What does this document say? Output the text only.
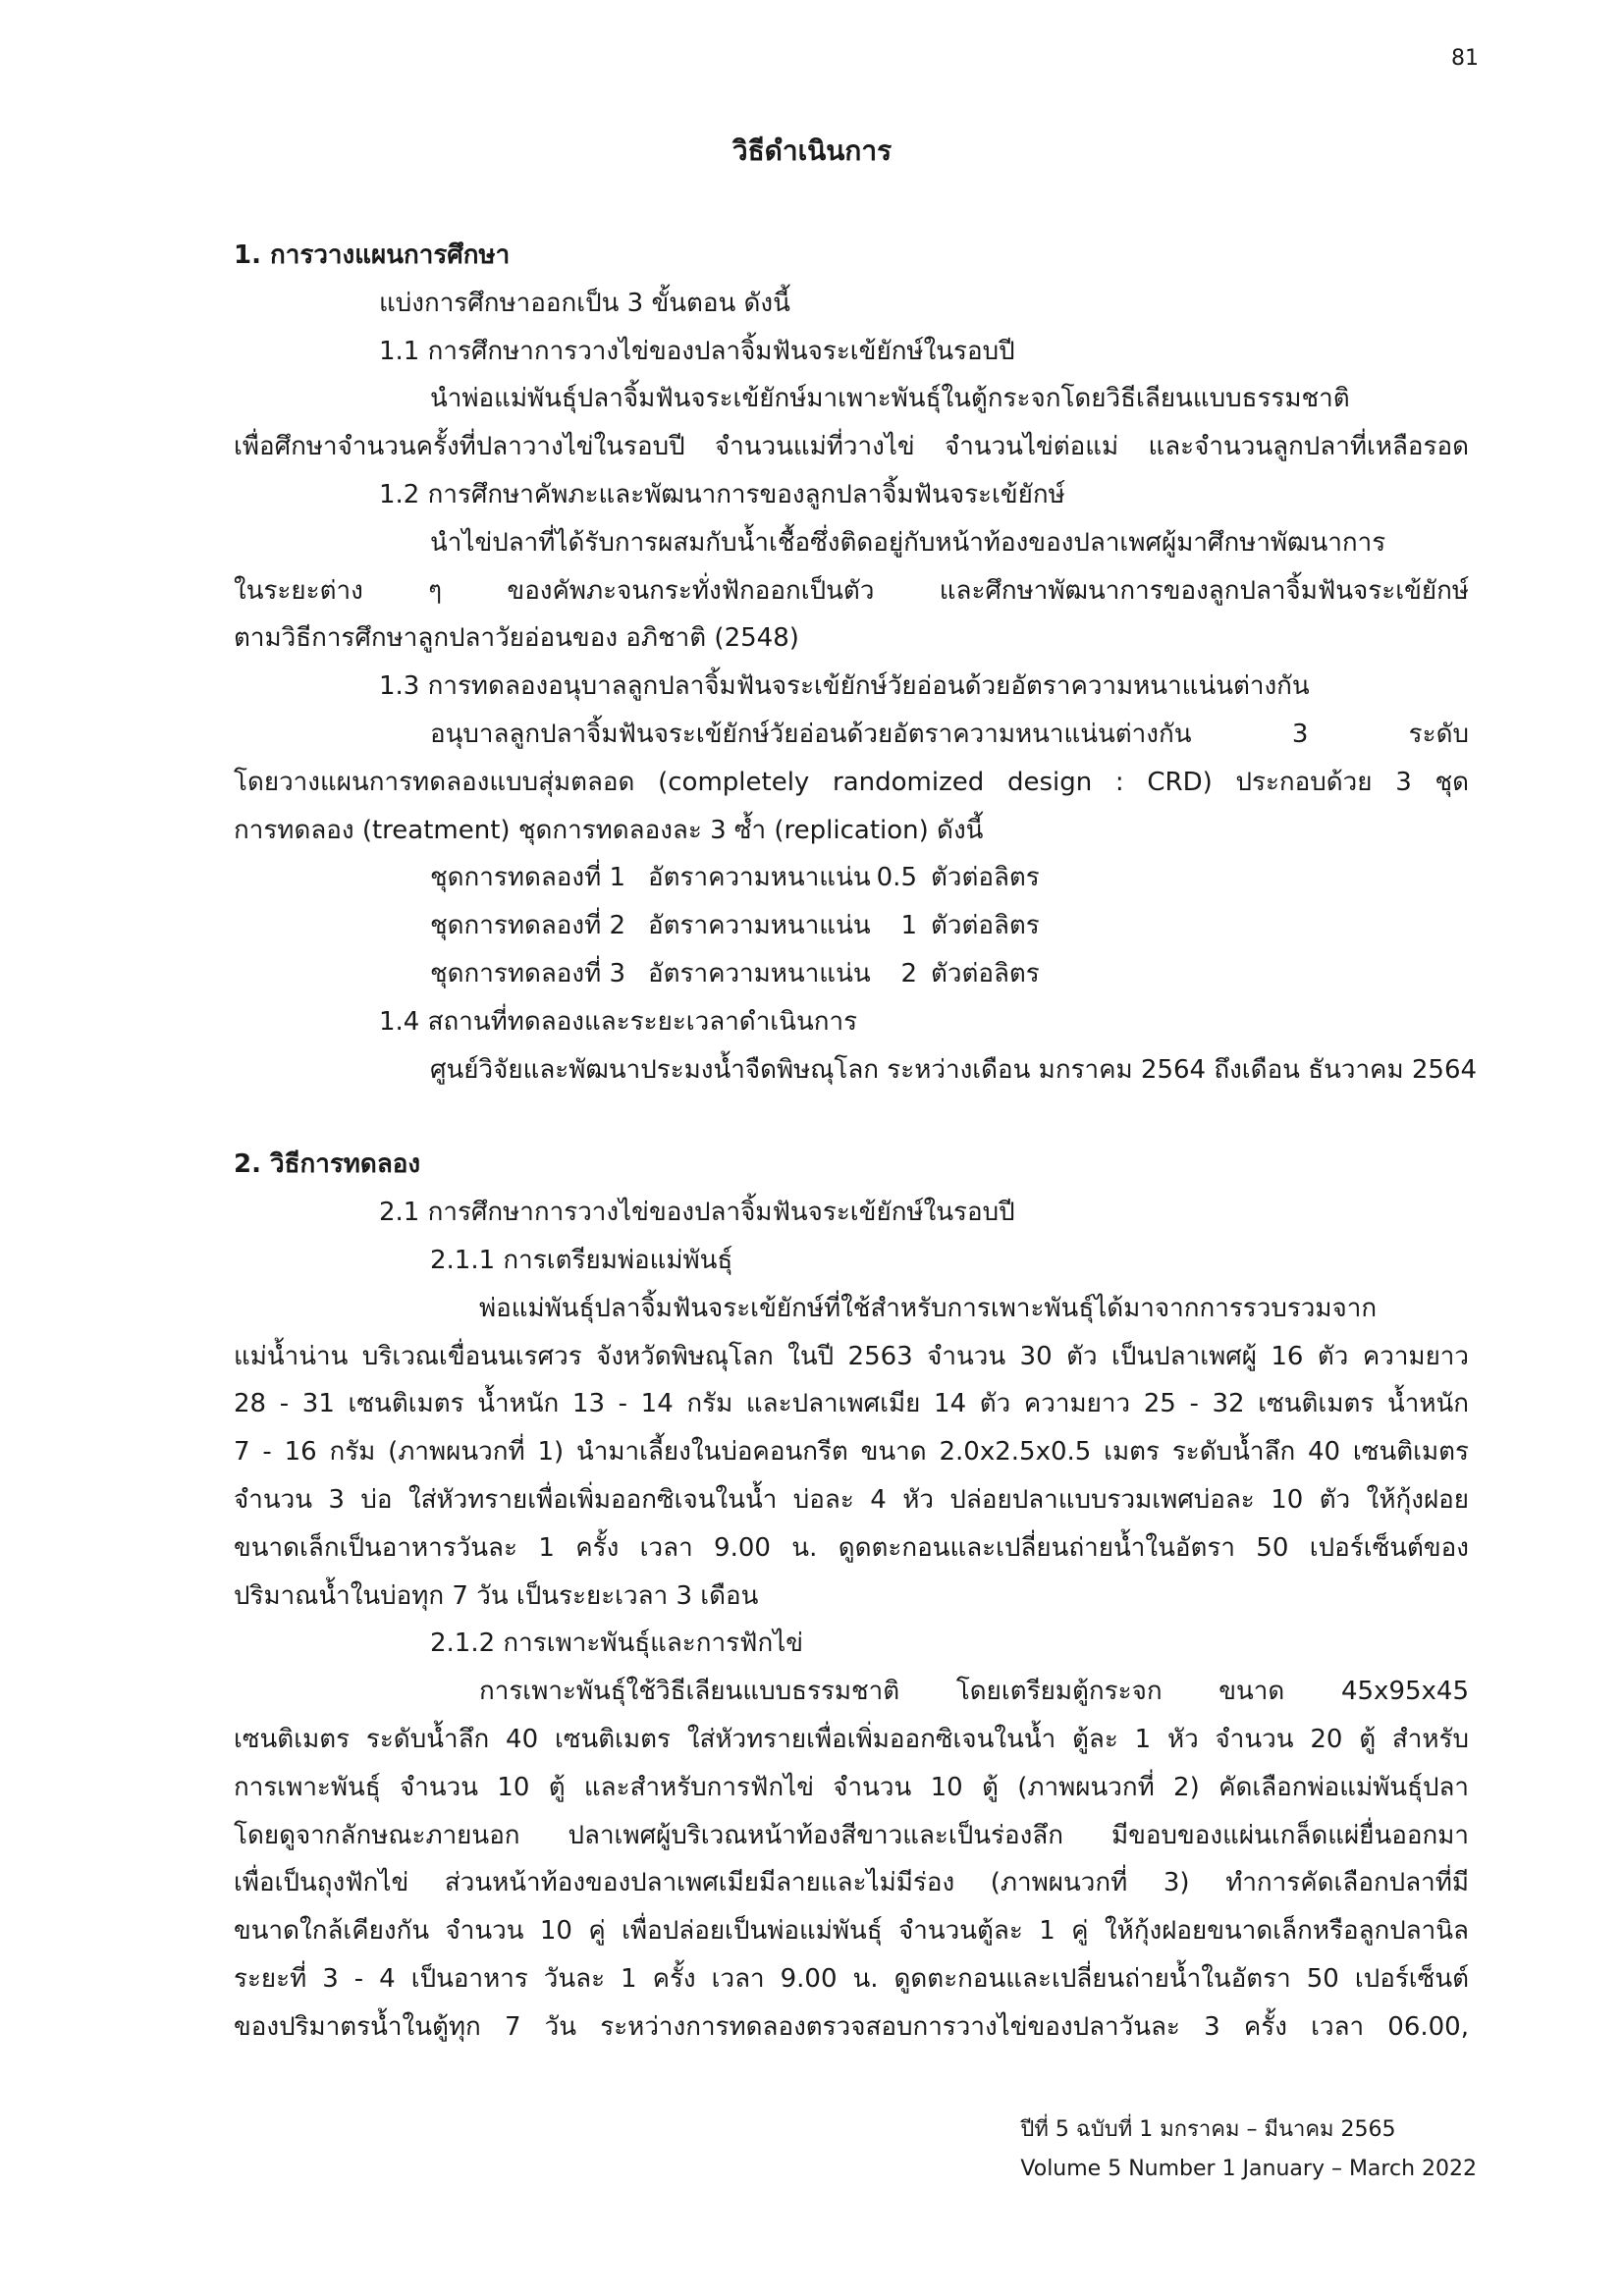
81
วิธีดำเนินการ

1. การวางแผนการศึกษา

แบ่งการศึกษาออกเป็น 3 ขั้นตอน ดังนี้

1.1 การศึกษาการวางไข่ของปลาจิ้มฟันจระเข้ยักษ์ในรอบปี

นำพ่อแม่พันธุ์ปลาจิ้มฟันจระเข้ยักษ์มาเพาะพันธุ์ในตู้กระจกโดยวิธีเลียนแบบธรรมชาติ

เพื่อศึกษาจำนวนครั้งที่ปลาวางไข่ในรอบปี จำนวนแม่ที่วางไข่ จำนวนไข่ต่อแม่ และจำนวนลูกปลาที่เหลือรอด

1.2 การศึกษาคัพภะและพัฒนาการของลูกปลาจิ้มฟันจระเข้ยักษ์

นำไข่ปลาที่ได้รับการผสมกับน้ำเชื้อซึ่งติดอยู่กับหน้าท้องของปลาเพศผู้มาศึกษาพัฒนาการ

ในระยะต่าง ๆ ของคัพภะจนกระทั่งฟักออกเป็นตัว และศึกษาพัฒนาการของลูกปลาจิ้มฟันจระเข้ยักษ์

ตามวิธีการศึกษาลูกปลาวัยอ่อนของ อภิชาติ (2548)

1.3 การทดลองอนุบาลลูกปลาจิ้มฟันจระเข้ยักษ์วัยอ่อนด้วยอัตราความหนาแน่นต่างกัน

อนุบาลลูกปลาจิ้มฟันจระเข้ยักษ์วัยอ่อนด้วยอัตราความหนาแน่นต่างกัน 3 ระดับ

โดยวางแผนการทดลองแบบสุ่มตลอด (completely randomized design : CRD) ประกอบด้วย 3 ชุด

การทดลอง (treatment) ชุดการทดลองละ 3 ซ้ำ (replication) ดังนี้

ชุดการทดลองที่ 1 อัตราความหนาแน่น 0.5 ตัวต่อลิตร

ชุดการทดลองที่ 2 อัตราความหนาแน่น 1 ตัวต่อลิตร

ชุดการทดลองที่ 3 อัตราความหนาแน่น 2 ตัวต่อลิตร

1.4 สถานที่ทดลองและระยะเวลาดำเนินการ

ศูนย์วิจัยและพัฒนาประมงน้ำจืดพิษณุโลก ระหว่างเดือน มกราคม 2564 ถึงเดือน ธันวาคม 2564

2. วิธีการทดลอง

2.1 การศึกษาการวางไข่ของปลาจิ้มฟันจระเข้ยักษ์ในรอบปี

2.1.1 การเตรียมพ่อแม่พันธุ์

พ่อแม่พันธุ์ปลาจิ้มฟันจระเข้ยักษ์ที่ใช้สำหรับการเพาะพันธุ์ได้มาจากการรวบรวมจาก

แม่น้ำน่าน บริเวณเขื่อนนเรศวร จังหวัดพิษณุโลก ในปี 2563 จำนวน 30 ตัว เป็นปลาเพศผู้ 16 ตัว ความยาว

28 - 31 เซนติเมตร น้ำหนัก 13 - 14 กรัม และปลาเพศเมีย 14 ตัว ความยาว 25 - 32 เซนติเมตร น้ำหนัก

7 - 16 กรัม (ภาพผนวกที่ 1) นำมาเลี้ยงในบ่อคอนกรีต ขนาด 2.0x2.5x0.5 เมตร ระดับน้ำลึก 40 เซนติเมตร

จำนวน 3 บ่อ ใส่หัวทรายเพื่อเพิ่มออกซิเจนในน้ำ บ่อละ 4 หัว ปล่อยปลาแบบรวมเพศบ่อละ 10 ตัว ให้กุ้งฝอย

ขนาดเล็กเป็นอาหารวันละ 1 ครั้ง เวลา 9.00 น. ดูดตะกอนและเปลี่ยนถ่ายน้ำในอัตรา 50 เปอร์เซ็นต์ของ

ปริมาณน้ำในบ่อทุก 7 วัน เป็นระยะเวลา 3 เดือน

2.1.2 การเพาะพันธุ์และการฟักไข่

การเพาะพันธุ์ใช้วิธีเลียนแบบธรรมชาติ โดยเตรียมตู้กระจก ขนาด 45x95x45

เซนติเมตร ระดับน้ำลึก 40 เซนติเมตร ใส่หัวทรายเพื่อเพิ่มออกซิเจนในน้ำ ตู้ละ 1 หัว จำนวน 20 ตู้ สำหรับ

การเพาะพันธุ์ จำนวน 10 ตู้ และสำหรับการฟักไข่ จำนวน 10 ตู้ (ภาพผนวกที่ 2) คัดเลือกพ่อแม่พันธุ์ปลา

โดยดูจากลักษณะภายนอก ปลาเพศผู้บริเวณหน้าท้องสีขาวและเป็นร่องลึก มีขอบของแผ่นเกล็ดแผ่ยื่นออกมา

เพื่อเป็นถุงฟักไข่ ส่วนหน้าท้องของปลาเพศเมียมีลายและไม่มีร่อง (ภาพผนวกที่ 3) ทำการคัดเลือกปลาที่มี

ขนาดใกล้เคียงกัน จำนวน 10 คู่ เพื่อปล่อยเป็นพ่อแม่พันธุ์ จำนวนตู้ละ 1 คู่ ให้กุ้งฝอยขนาดเล็กหรือลูกปลานิล

ระยะที่ 3 - 4 เป็นอาหาร วันละ 1 ครั้ง เวลา 9.00 น. ดูดตะกอนและเปลี่ยนถ่ายน้ำในอัตรา 50 เปอร์เซ็นต์

ของปริมาตรน้ำในตู้ทุก 7 วัน ระหว่างการทดลองตรวจสอบการวางไข่ของปลาวันละ 3 ครั้ง เวลา 06.00,

ปีที่ 5 ฉบับที่ 1 มกราคม – มีนาคม 2565
Volume 5 Number 1 January – March 2022
